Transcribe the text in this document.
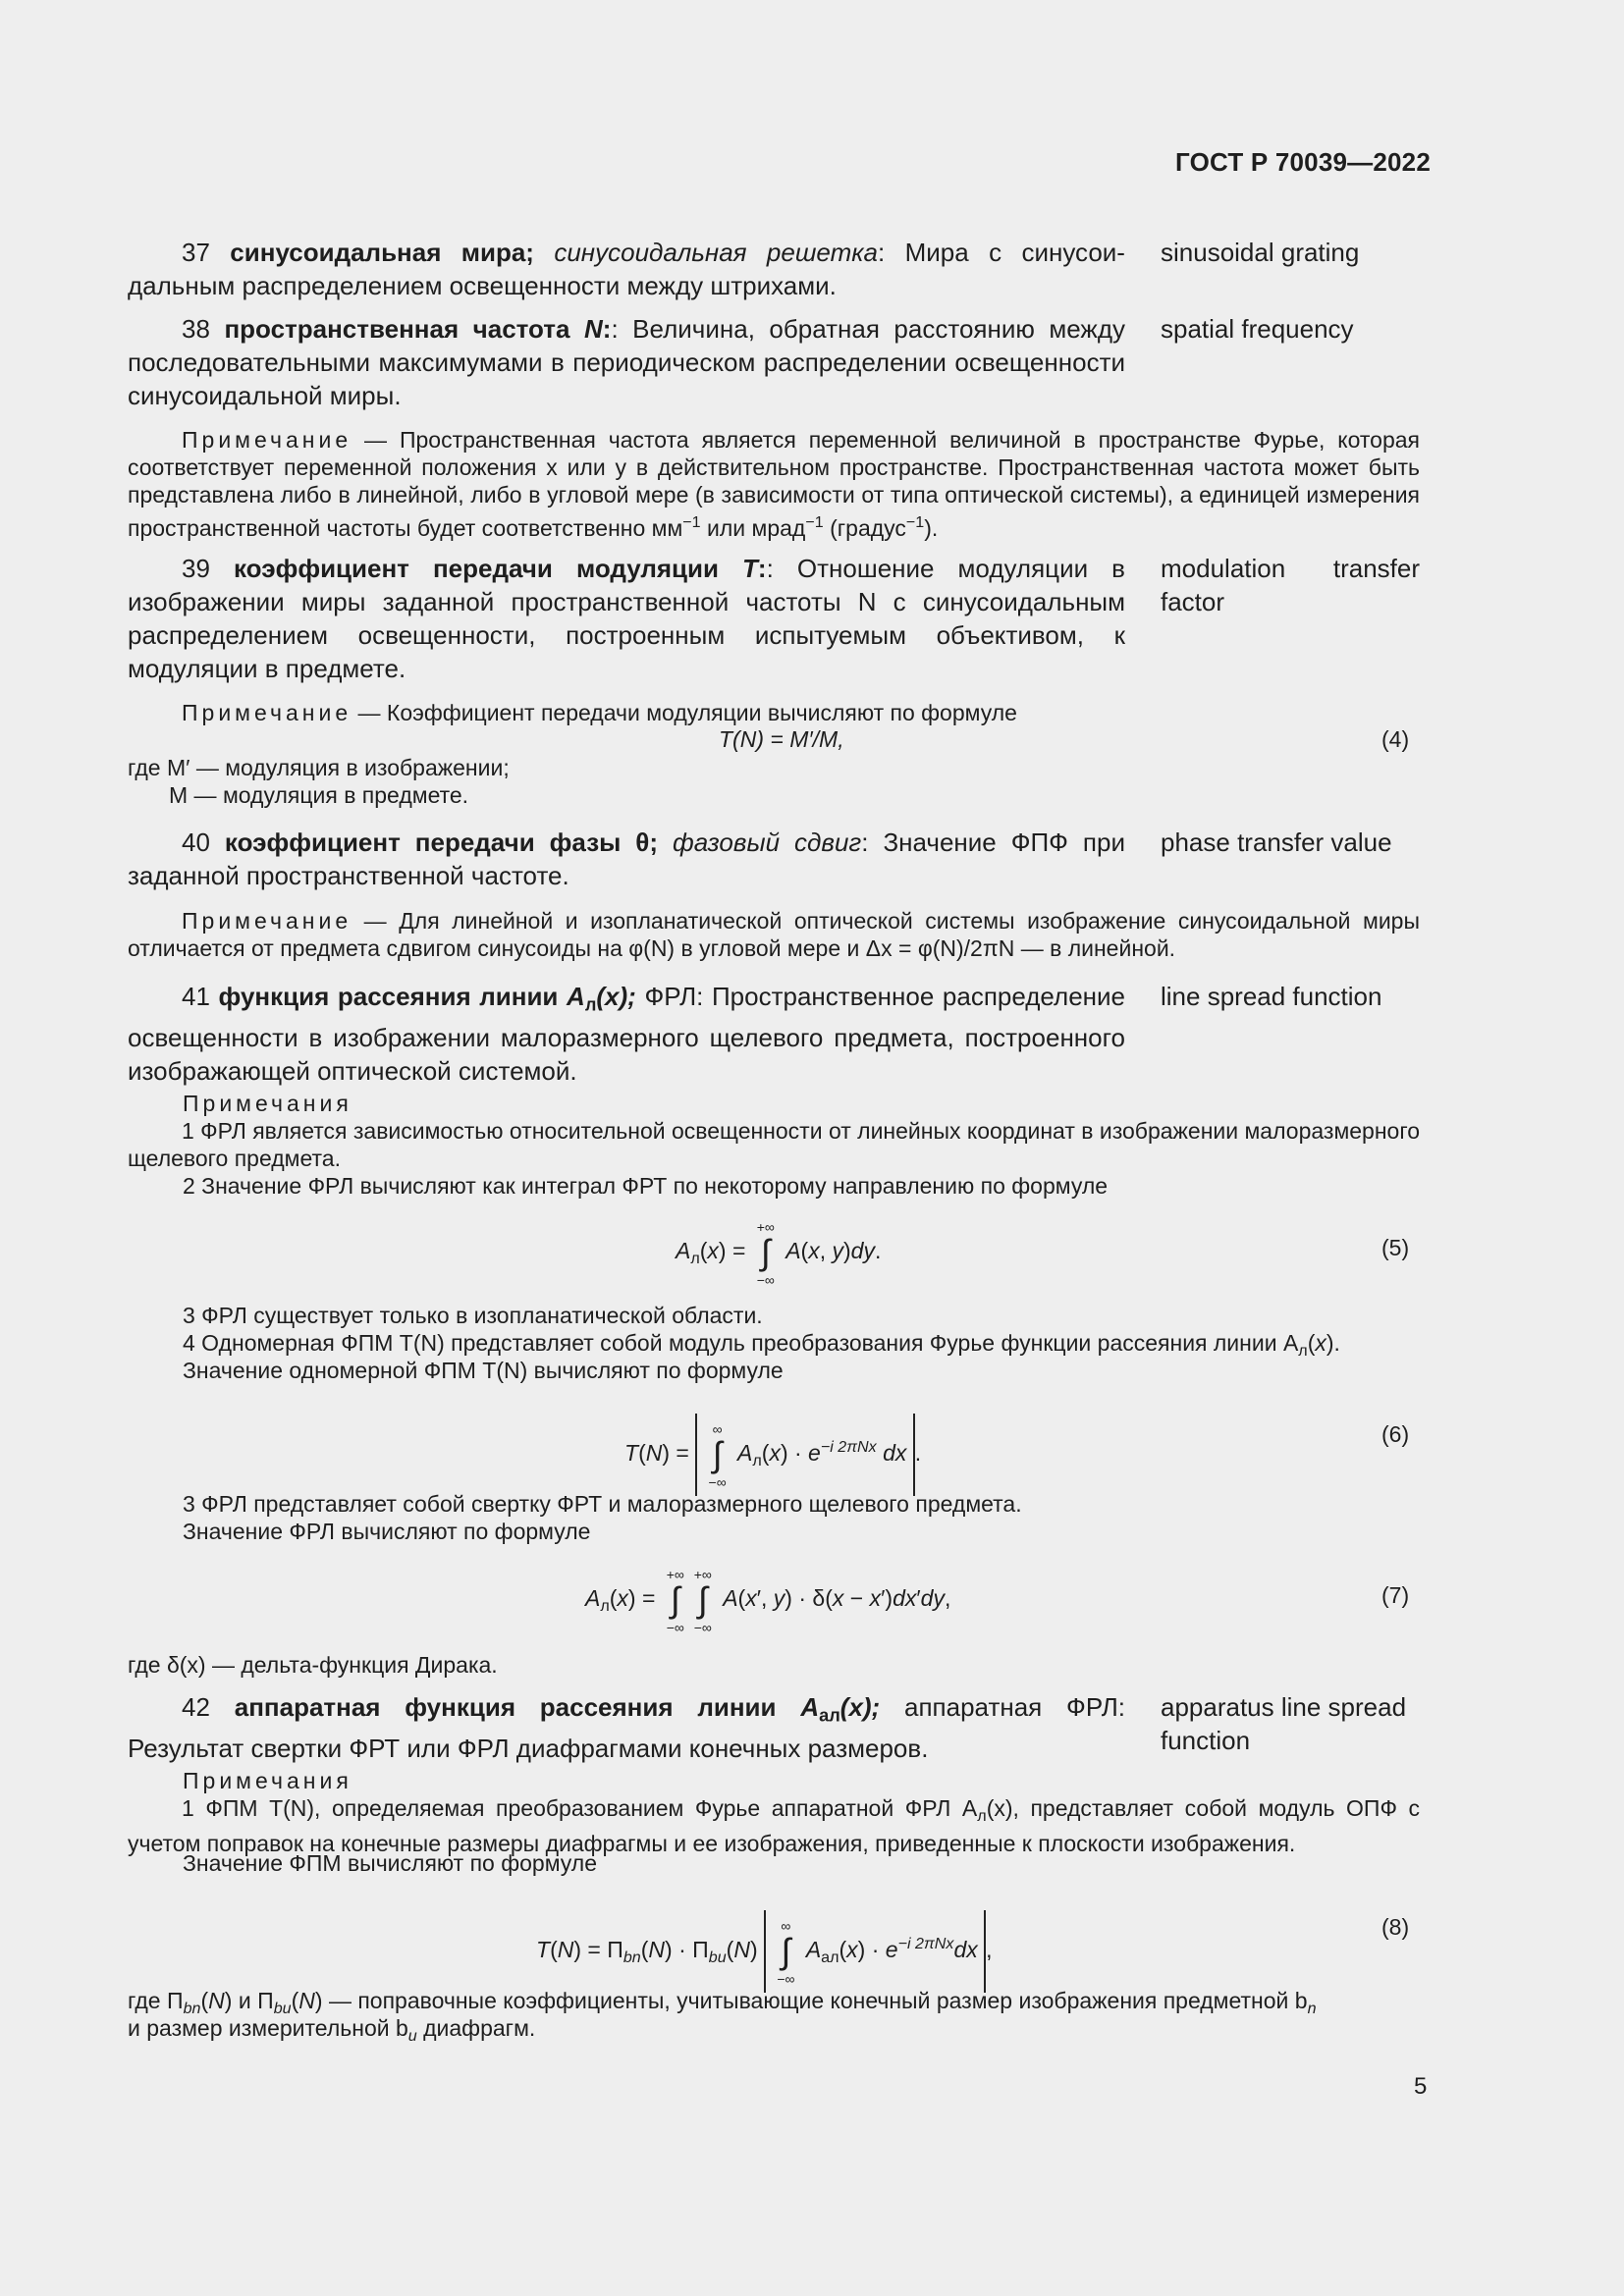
ГОСТ Р 70039—2022

37 синусоидальная мира; синусоидальная решетка: Мира с синусои-дальным распределением освещенности между штрихами.

sinusoidal grating

38 пространственная частота N:: Величина, обратная расстоянию между последовательными максимумами в периодическом распределении освещенности синусоидальной миры.

spatial frequency

Примечание — Пространственная частота является переменной величиной в пространстве Фурье, которая соответствует переменной положения x или y в действительном пространстве. Пространственная частота может быть представлена либо в линейной, либо в угловой мере (в зависимости от типа оптической системы), а единицей измерения пространственной частоты будет соответственно $мм^{-1}$ или мрад$^{-1}$ (градус$^{-1}$).

39 коэффициент передачи модуляции T:: Отношение модуляции в изображении миры заданной пространственной частоты N с синусоидальным распределением освещенности, построенным испытуемым объективом, к модуляции в предмете.

modulation transfer factor

Примечание — Коэффициент передачи модуляции вычисляют по формуле

T(N) = M′/M,	(4)
где M′ — модуляция в изображении;
M — модуляция в предмете.

40 коэффициент передачи фазы θ; фазовый сдвиг: Значение ФПФ при заданной пространственной частоте.

phase transfer value

Примечание — Для линейной и изопланатической оптической системы изображение синусоидальной миры отличается от предмета сдвигом синусоиды на φ(N) в угловой мере и Δx = φ(N)/2πN — в линейной.

41 функция рассеяния линии $A_л(x)$; ФРЛ: Пространственное распределение освещенности в изображении малоразмерного щелевого предмета, построенного изображающей оптической системой.

line spread function
Примечания

1 ФРЛ является зависимостью относительной освещенности от линейных координат в изображении малоразмерного щелевого предмета.

2 Значение ФРЛ вычисляют как интеграл ФРТ по некоторому направлению по формуле
$A_л(x)$ =
+∞
∫
−∞
A(x, y)dy.	(5)
3 ФРЛ существует только в изопланатической области.
4 Одномерная ФПМ T(N) представляет собой модуль преобразования Фурье функции рассеяния линии $A_л(x)$.
Значение одномерной ФПМ T(N) вычисляют по формуле
T(N) =
∞
∫
−∞
$A_л(x) \cdot e^{-i 2\pi Nx}$ dx .
(6)
3 ФРЛ представляет собой свертку ФРТ и малоразмерного щелевого предмета.
Значение ФРЛ вычисляют по формуле
$A_л(x)$ =
+∞
∫
−∞
+∞
∫
−∞
A(x′, y) · δ(x − x′)dx′dy,	(7)
где δ(x) — дельта-функция Дирака.

42 аппаратная функция рассеяния линии $A_{ал}(x)$; аппаратная ФРЛ: Результат свертки ФРТ или ФРЛ диафрагмами конечных размеров.

apparatus line spread function
Примечания

1 ФПМ T(N), определяемая преобразованием Фурье аппаратной ФРЛ $A_л(x)$, представляет собой модуль ОПФ с учетом поправок на конечные размеры диафрагмы и ее изображения, приведенные к плоскости изображения.

Значение ФПМ вычисляют по формуле
$T(N) = \Pi_{bn}(N) \cdot \Pi_{bu}(N)$
∞
∫
−∞
$A_{ал}(x) \cdot e^{-i 2\pi Nx}dx$ ,
(8)
где $\Pi_{bn}(N)$ и $\Pi_{bu}(N)$ — поправочные коэффициенты, учитывающие конечный размер изображения предметной $b_n$
и размер измерительной $b_u$ диафрагм.
5
